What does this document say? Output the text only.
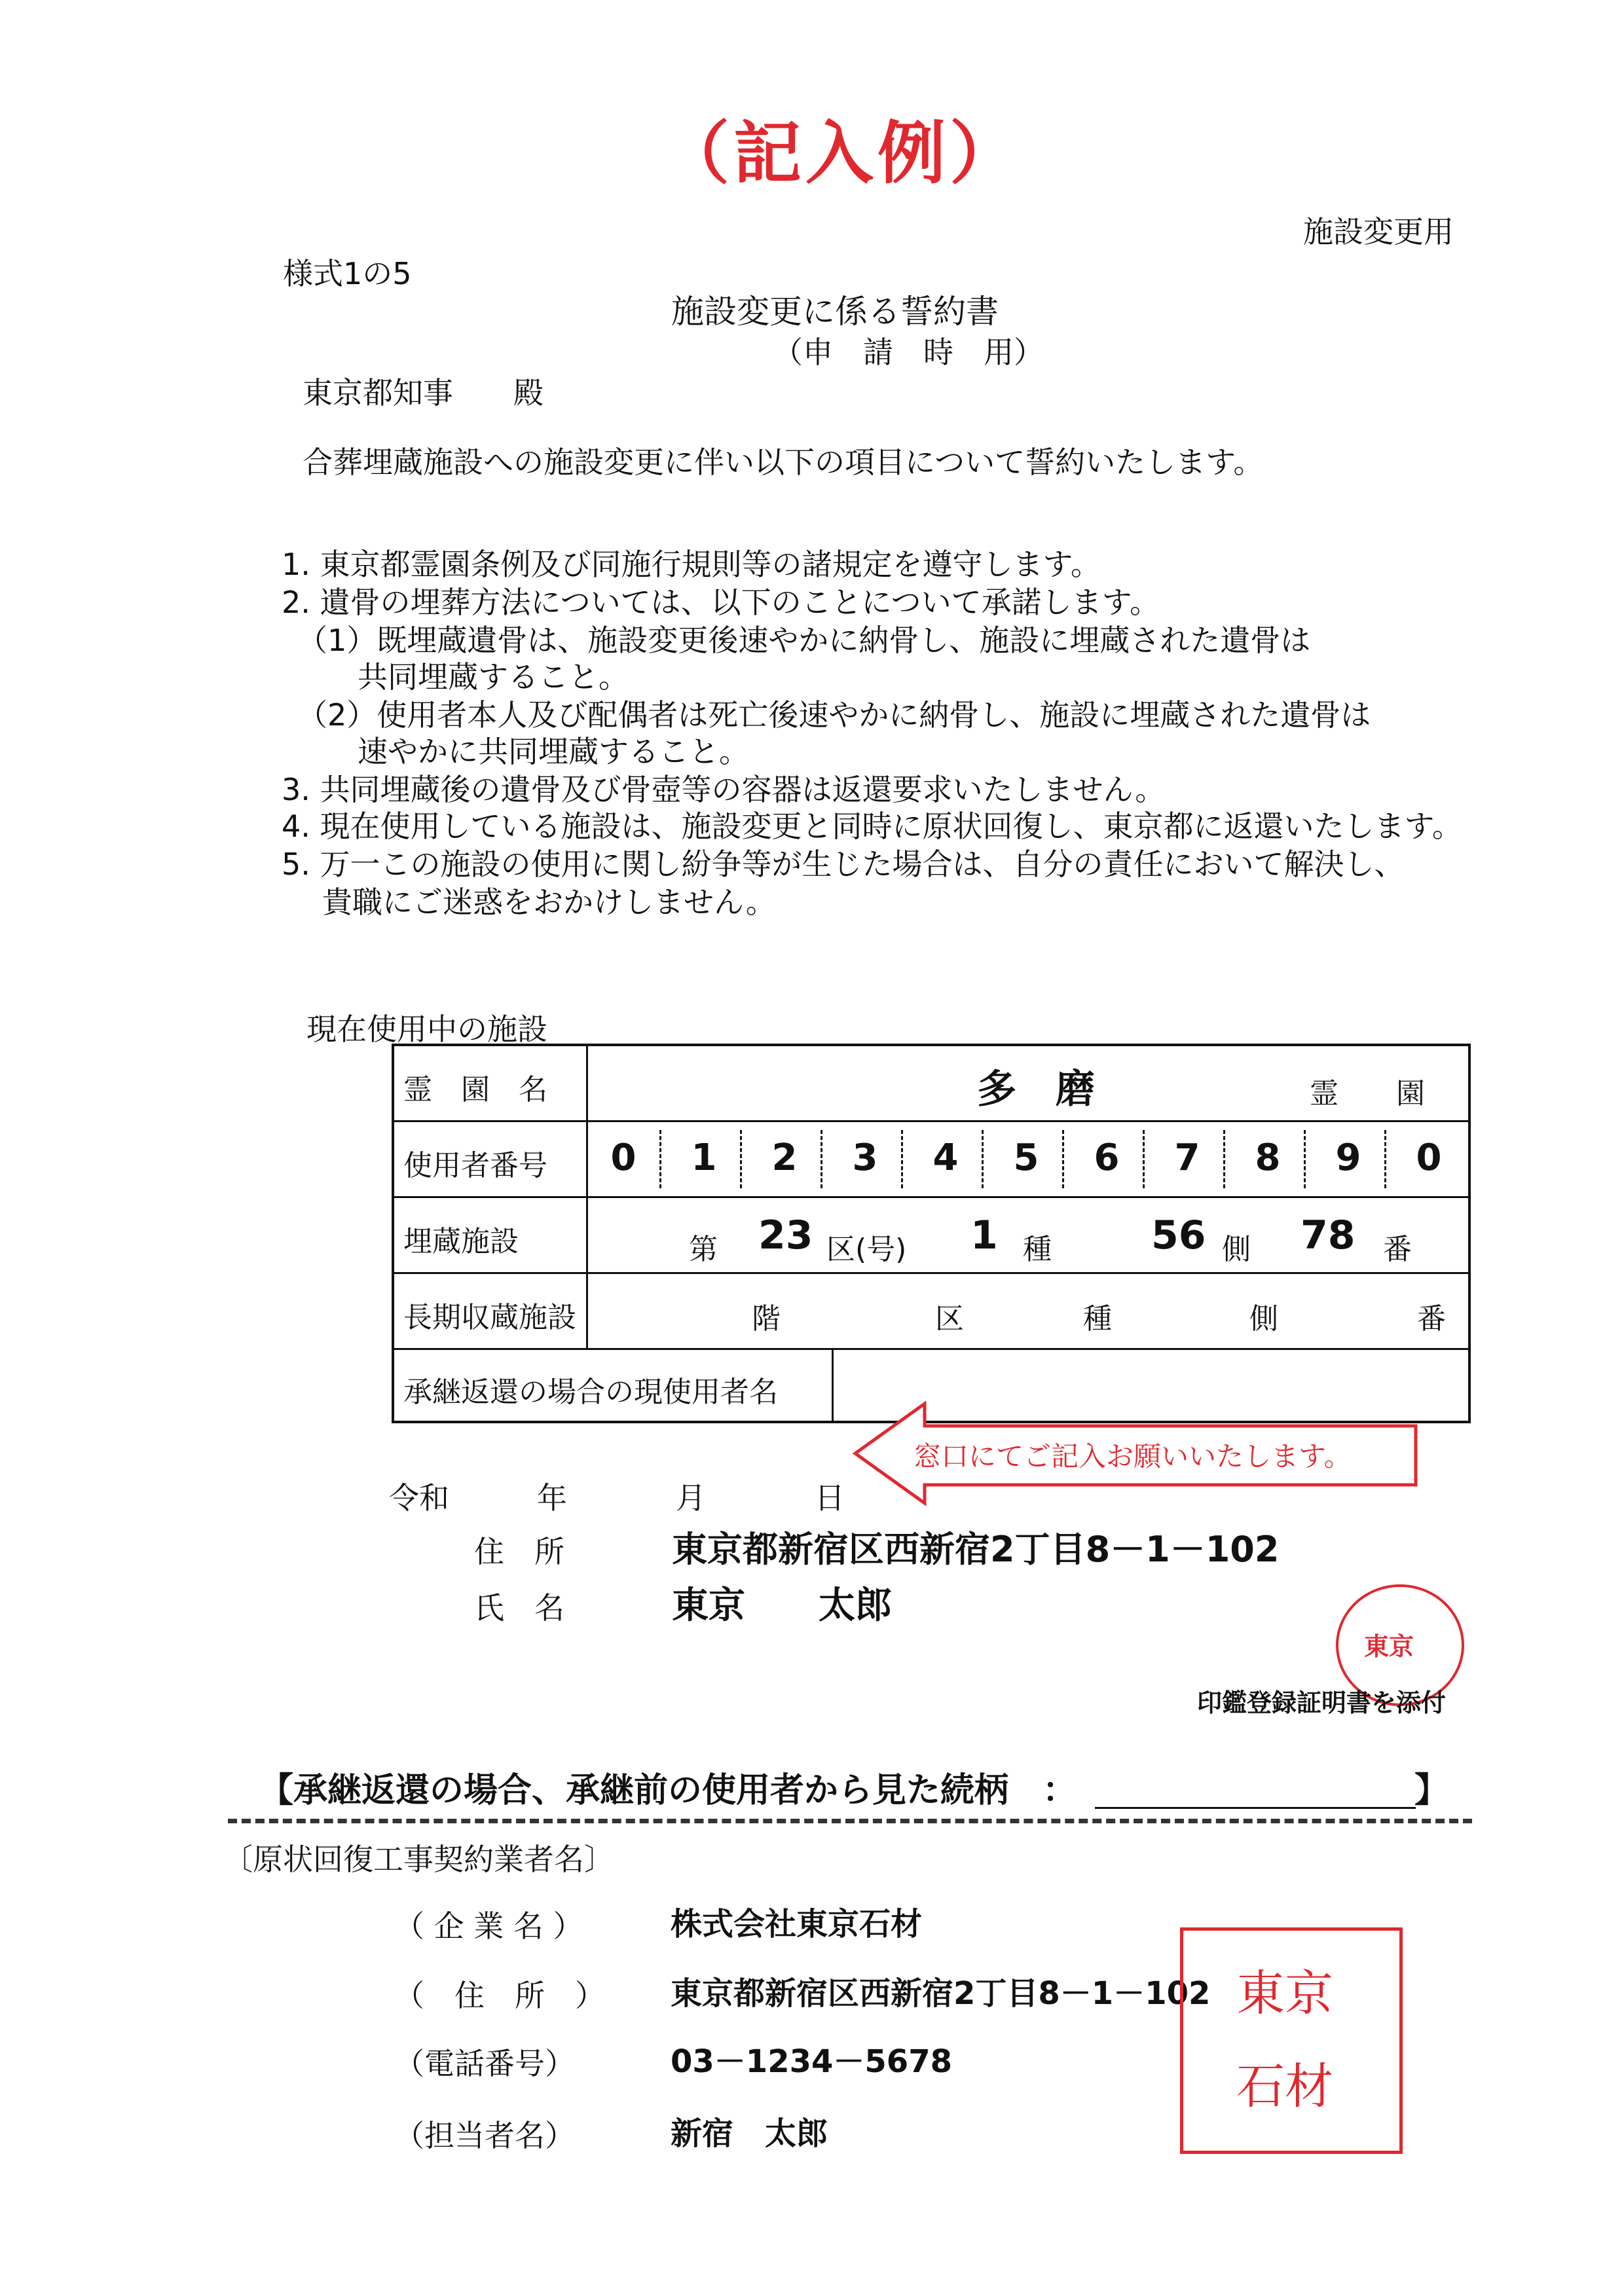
（記入例）
施設変更用
様式1の5
施設変更に係る誓約書
（申　請　時　用）
東京都知事　　殿
合葬埋蔵施設への施設変更に伴い以下の項目について誓約いたします。
1. 東京都霊園条例及び同施行規則等の諸規定を遵守します。
2. 遺骨の埋葬方法については、以下のことについて承諾します。
（1）既埋蔵遺骨は、施設変更後速やかに納骨し、施設に埋蔵された遺骨は
共同埋蔵すること。
（2）使用者本人及び配偶者は死亡後速やかに納骨し、施設に埋蔵された遺骨は
速やかに共同埋蔵すること。
3. 共同埋蔵後の遺骨及び骨壺等の容器は返還要求いたしません。
4. 現在使用している施設は、施設変更と同時に原状回復し、東京都に返還いたします。
5. 万一この施設の使用に関し紛争等が生じた場合は、自分の責任において解決し、
貴職にご迷惑をおかけしません。
現在使用中の施設
霊　園　名	多　磨	霊　　園
使用者番号 0 1 2 3 4 5 6 7 8 9 0
埋蔵施設	第 23 区(号) 1 種	56 側 78 番
長期収蔵施設	階	区	種	側	番
承継返還の場合の現使用者名
窓口にてご記入お願いいたします。
令和	年	月	日
住　所	東京都新宿区西新宿2丁目8－1－102
氏　名	東京　　太郎
東京
印鑑登録証明書を添付
【承継返還の場合、承継前の使用者から見た続柄　：	】
〔原状回復工事契約業者名〕
（ 企 業 名 ）	株式会社東京石材
（　住　所　） 東京都新宿区西新宿2丁目8－1－102
（電話番号）	03－1234－5678
（担当者名）	新宿　太郎
東京
石材
